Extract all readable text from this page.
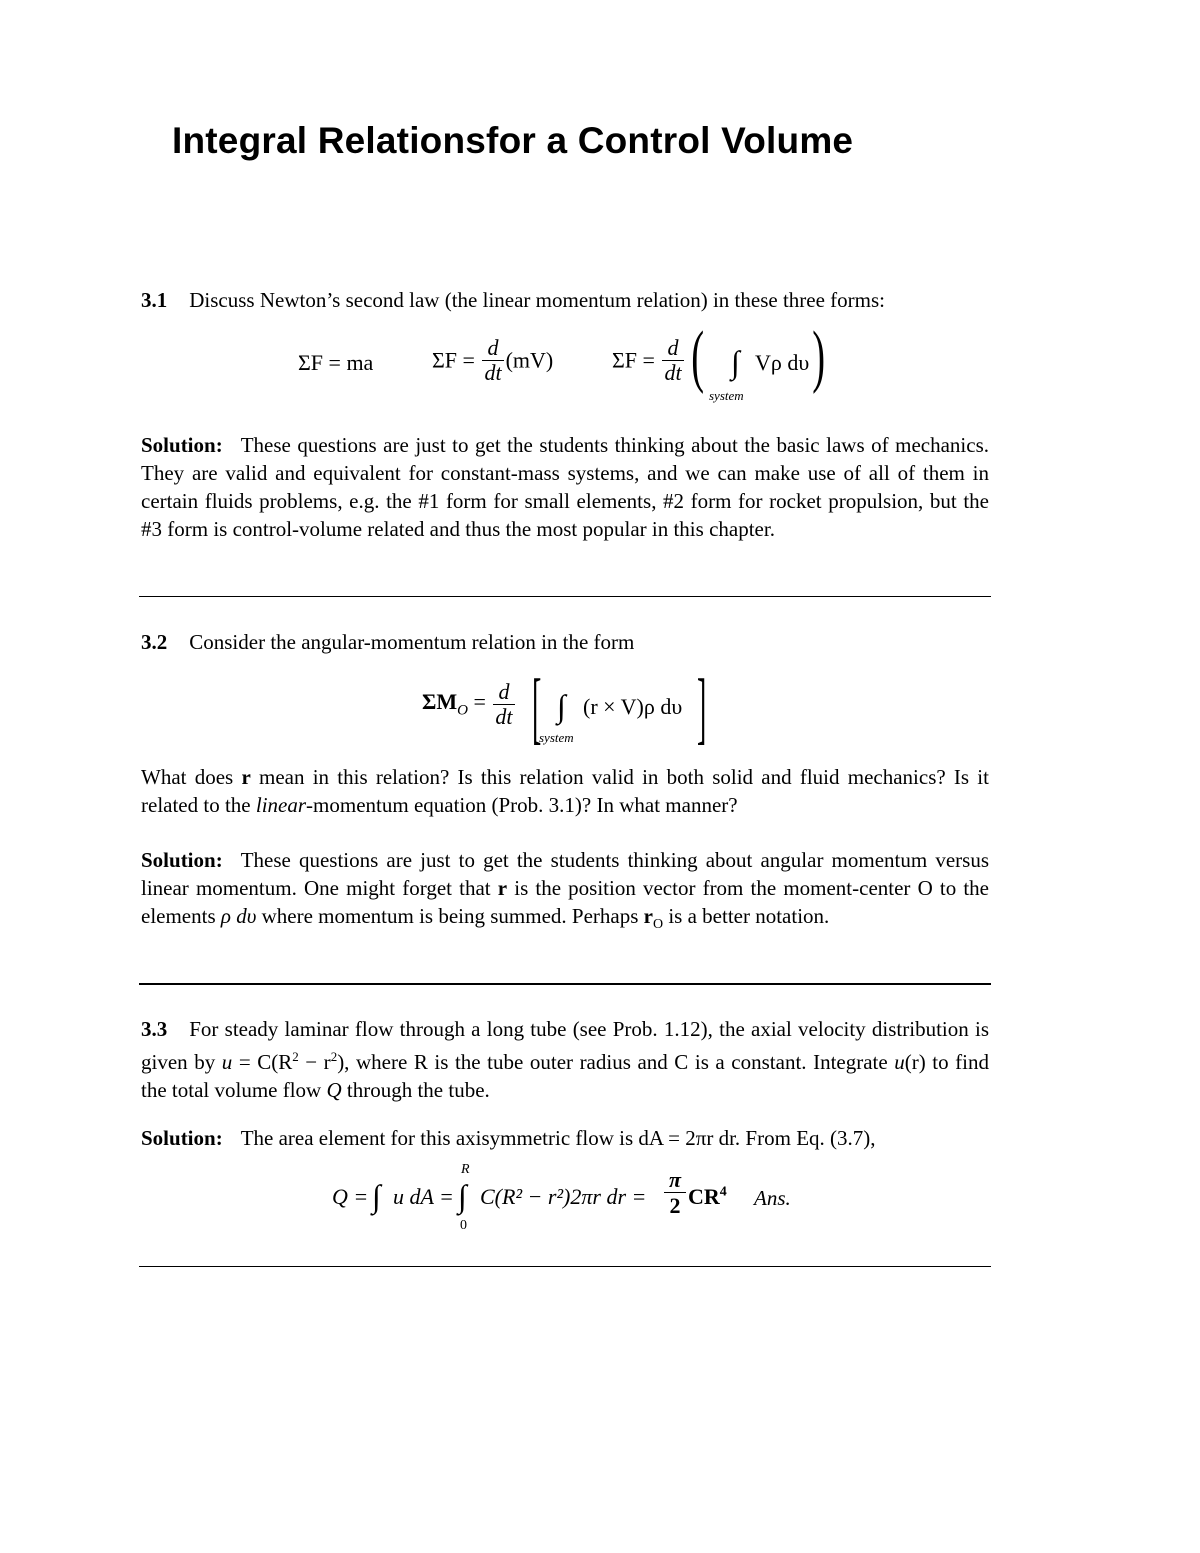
Integral Relationsfor a Control Volume

3.1 Discuss Newton’s second law (the linear momentum relation) in these three forms:

ΣF = ma	$\Sigma F = \frac{d}{dt} (mV)$	$\Sigma F = \frac{d}{dt}$ ( ∫ Vρ dυ
system
)

Solution: These questions are just to get the students thinking about the basic laws of mechanics. They are valid and equivalent for constant-mass systems, and we can make use of all of them in certain fluids problems, e.g. the #1 form for small elements, #2 form for rocket propulsion, but the #3 form is control-volume related and thus the most popular in this chapter.

3.2 Consider the angular-momentum relation in the form

$\Sigma M_O = \frac{d}{dt}$ [ ∫ (r × V)ρ dυ
system ]

What does r mean in this relation? Is this relation valid in both solid and fluid mechanics? Is it related to the linear-momentum equation (Prob. 3.1)? In what manner?

Solution: These questions are just to get the students thinking about angular momentum versus linear momentum. One might forget that r is the position vector from the moment-center O to the elements ρ dυ where momentum is being summed. Perhaps $r_O$ is a better notation.

3.3 For steady laminar flow through a long tube (see Prob. 1.12), the axial velocity distribution is given by $u = C(R^2 - r^2)$, where R is the tube outer radius and C is a constant. Integrate u(r) to find the total volume flow Q through the tube.

Solution: The area element for this axisymmetric flow is dA = 2πr dr. From Eq. (3.7),

Q = ∫ u dA = ∫
R
0
C(R² − r²)2πr dr =
π
2 $CR^4$ Ans.
